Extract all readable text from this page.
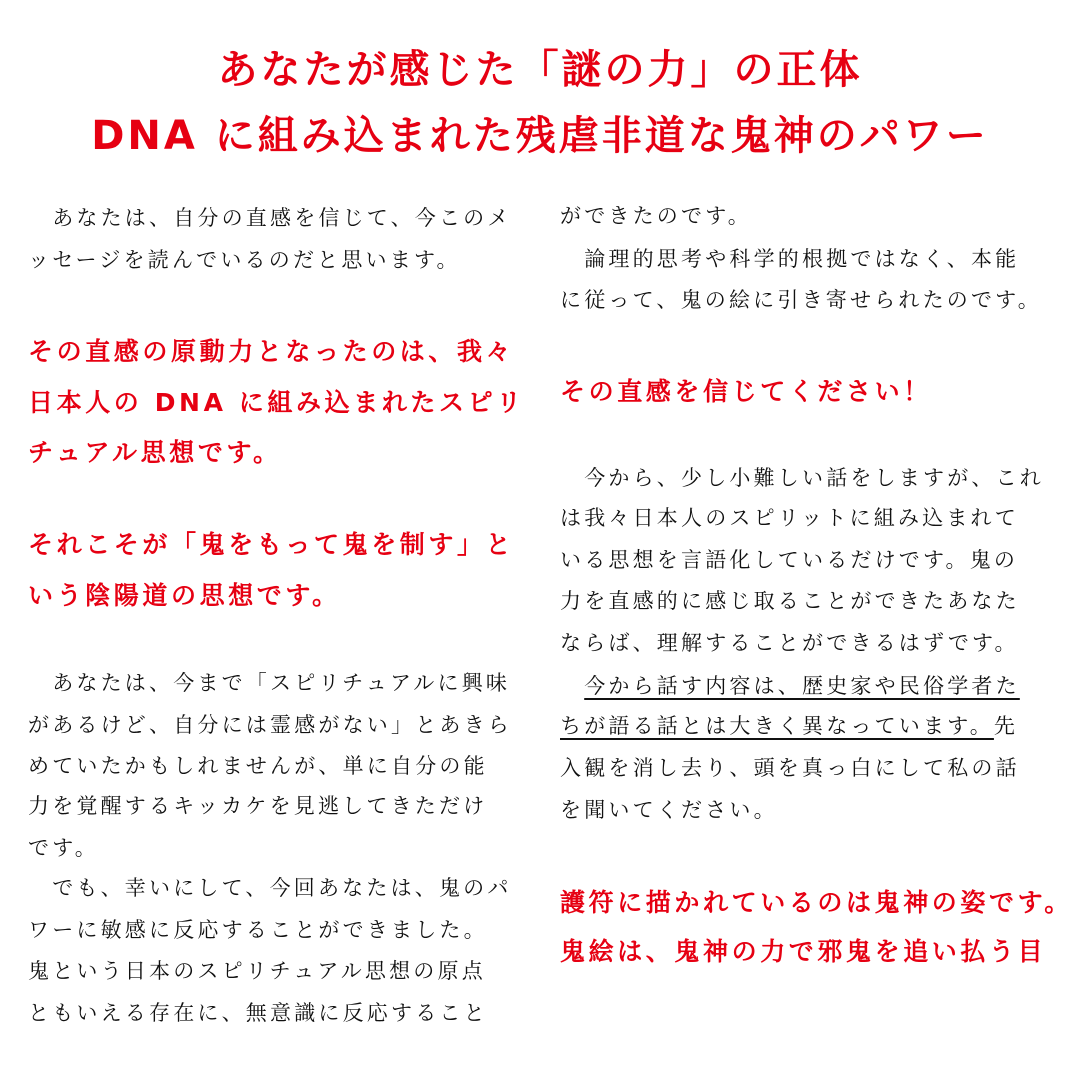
あなたが感じた「謎の力」の正体
DNA に組み込まれた残虐非道な鬼神のパワー
　あなたは、自分の直感を信じて、今このメ
ッセージを読んでいるのだと思います。
その直感の原動力となったのは、我々
日本人の DNA に組み込まれたスピリ
チュアル思想です。
それこそが「鬼をもって鬼を制す」と
いう陰陽道の思想です。
　あなたは、今まで「スピリチュアルに興味
があるけど、自分には霊感がない」とあきら
めていたかもしれませんが、単に自分の能
力を覚醒するキッカケを見逃してきただけ
です。
　でも、幸いにして、今回あなたは、鬼のパ
ワーに敏感に反応することができました。
鬼という日本のスピリチュアル思想の原点
ともいえる存在に、無意識に反応すること
ができたのです。
　論理的思考や科学的根拠ではなく、本能
に従って、鬼の絵に引き寄せられたのです。
その直感を信じてください！
　今から、少し小難しい話をしますが、これ
は我々日本人のスピリットに組み込まれて
いる思想を言語化しているだけです。鬼の
力を直感的に感じ取ることができたあなた
ならば、理解することができるはずです。
　今から話す内容は、歴史家や民俗学者た
ちが語る話とは大きく異なっています。先
入観を消し去り、頭を真っ白にして私の話
を聞いてください。
護符に描かれているのは鬼神の姿です。
鬼絵は、鬼神の力で邪鬼を追い払う目
